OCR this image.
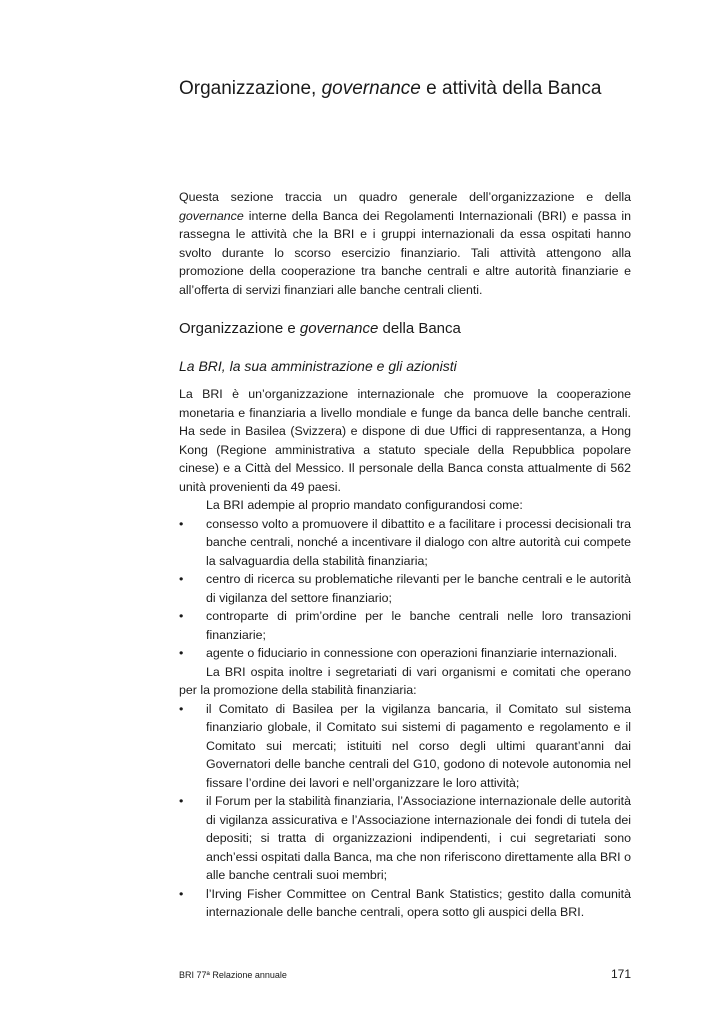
Organizzazione, governance e attività della Banca

Questa sezione traccia un quadro generale dell’organizzazione e della governance interne della Banca dei Regolamenti Internazionali (BRI) e passa in rassegna le attività che la BRI e i gruppi internazionali da essa ospitati hanno svolto durante lo scorso esercizio finanziario. Tali attività attengono alla promozione della cooperazione tra banche centrali e altre autorità finanziarie e all’offerta di servizi finanziari alle banche centrali clienti.

Organizzazione e governance della Banca
La BRI, la sua amministrazione e gli azionisti

La BRI è un’organizzazione internazionale che promuove la cooperazione monetaria e finanziaria a livello mondiale e funge da banca delle banche centrali. Ha sede in Basilea (Svizzera) e dispone di due Uffici di rappresentanza, a Hong Kong (Regione amministrativa a statuto speciale della Repubblica popolare cinese) e a Città del Messico. Il personale della Banca consta attualmente di 562 unità provenienti da 49 paesi.

La BRI adempie al proprio mandato configurandosi come:

• consesso volto a promuovere il dibattito e a facilitare i processi decisionali tra banche centrali, nonché a incentivare il dialogo con altre autorità cui compete la salvaguardia della stabilità finanziaria;
• centro di ricerca su problematiche rilevanti per le banche centrali e le autorità di vigilanza del settore finanziario;
• controparte di prim’ordine per le banche centrali nelle loro transazioni finanziarie;
• agente o fiduciario in connessione con operazioni finanziarie internazionali.

La BRI ospita inoltre i segretariati di vari organismi e comitati che operano per la promozione della stabilità finanziaria:

• il Comitato di Basilea per la vigilanza bancaria, il Comitato sul sistema finanziario globale, il Comitato sui sistemi di pagamento e regolamento e il Comitato sui mercati; istituiti nel corso degli ultimi quarant’anni dai Governatori delle banche centrali del G10, godono di notevole autonomia nel fissare l’ordine dei lavori e nell’organizzare le loro attività;
• il Forum per la stabilità finanziaria, l’Associazione internazionale delle autorità di vigilanza assicurativa e l’Associazione internazionale dei fondi di tutela dei depositi; si tratta di organizzazioni indipendenti, i cui segretariati sono anch’essi ospitati dalla Banca, ma che non riferiscono direttamente alla BRI o alle banche centrali suoi membri;
• l’Irving Fisher Committee on Central Bank Statistics; gestito dalla comunità internazionale delle banche centrali, opera sotto gli auspici della BRI.
BRI 77ª Relazione annuale	171
